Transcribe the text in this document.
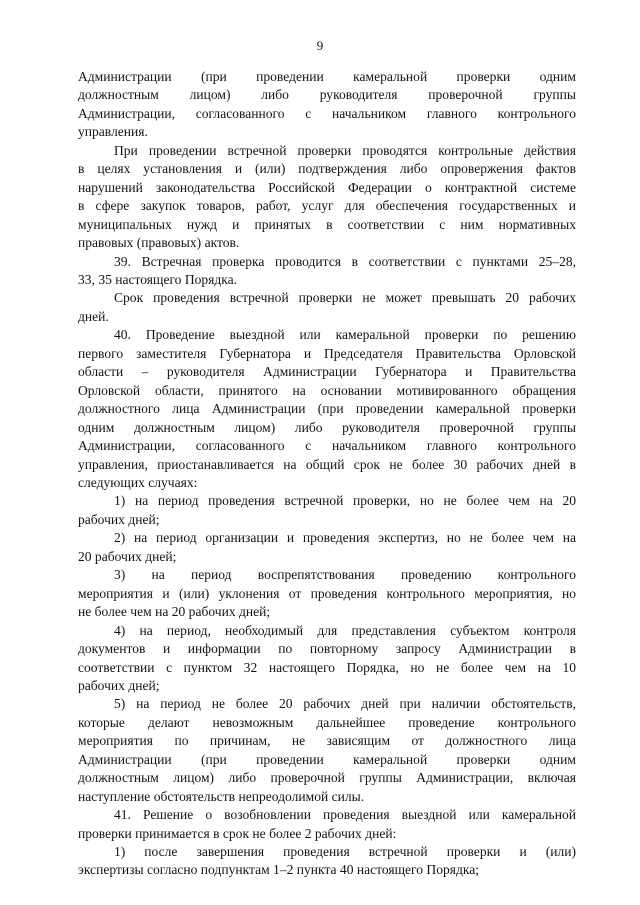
9

Администрации (при проведении камеральной проверки одним
должностным лицом) либо руководителя проверочной группы
Администрации, согласованного с начальником главного контрольного
управления.

При проведении встречной проверки проводятся контрольные действия
в целях установления и (или) подтверждения либо опровержения фактов
нарушений законодательства Российской Федерации о контрактной системе
в сфере закупок товаров, работ, услуг для обеспечения государственных и
муниципальных нужд и принятых в соответствии с ним нормативных
правовых (правовых) актов.

39. Встречная проверка проводится в соответствии с пунктами 25–28,
33, 35 настоящего Порядка.

Срок проведения встречной проверки не может превышать 20 рабочих
дней.

40. Проведение выездной или камеральной проверки по решению
первого заместителя Губернатора и Председателя Правительства Орловской
области – руководителя Администрации Губернатора и Правительства
Орловской области, принятого на основании мотивированного обращения
должностного лица Администрации (при проведении камеральной проверки
одним должностным лицом) либо руководителя проверочной группы
Администрации, согласованного с начальником главного контрольного
управления, приостанавливается на общий срок не более 30 рабочих дней в
следующих случаях:

1) на период проведения встречной проверки, но не более чем на 20
рабочих дней;

2) на период организации и проведения экспертиз, но не более чем на
20 рабочих дней;

3) на период воспрепятствования проведению контрольного
мероприятия и (или) уклонения от проведения контрольного мероприятия, но
не более чем на 20 рабочих дней;

4) на период, необходимый для представления субъектом контроля
документов и информации по повторному запросу Администрации в
соответствии с пунктом 32 настоящего Порядка, но не более чем на 10
рабочих дней;

5) на период не более 20 рабочих дней при наличии обстоятельств,
которые делают невозможным дальнейшее проведение контрольного
мероприятия по причинам, не зависящим от должностного лица
Администрации (при проведении камеральной проверки одним
должностным лицом) либо проверочной группы Администрации, включая
наступление обстоятельств непреодолимой силы.

41. Решение о возобновлении проведения выездной или камеральной
проверки принимается в срок не более 2 рабочих дней:

1) после завершения проведения встречной проверки и (или)
экспертизы согласно подпунктам 1–2 пункта 40 настоящего Порядка;
